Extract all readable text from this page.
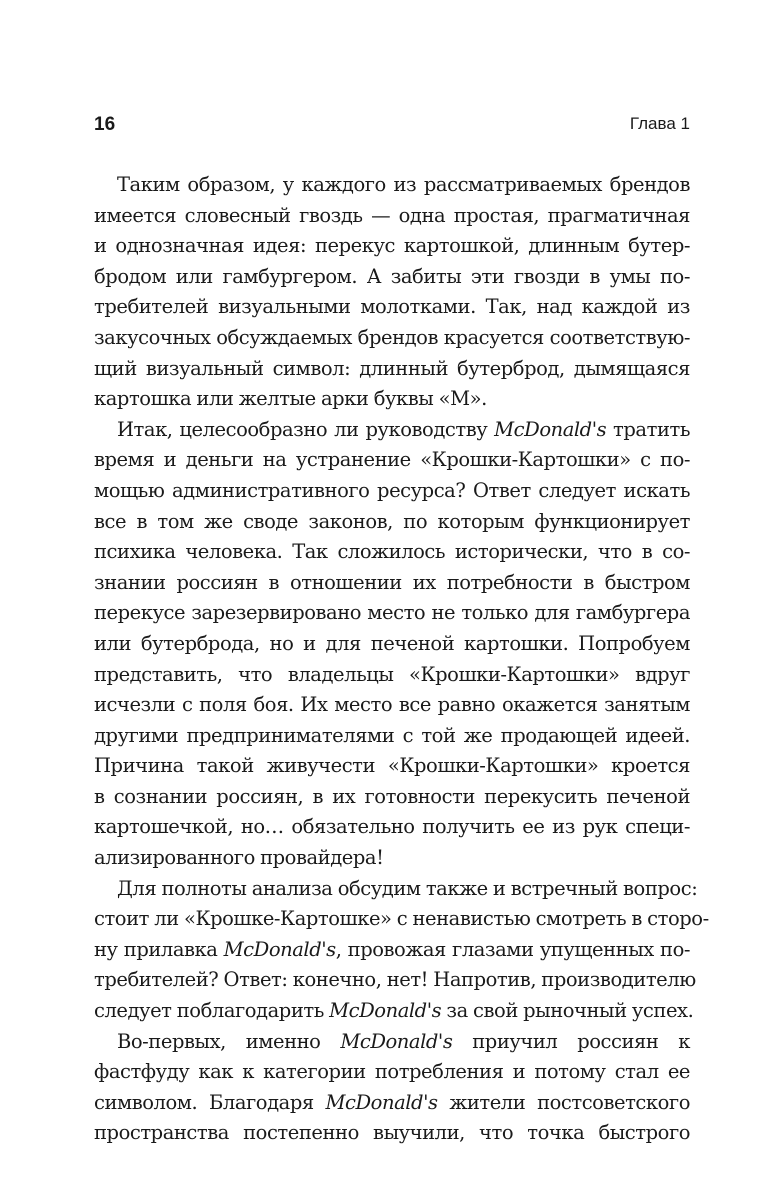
16	Глава 1
Таким образом, у каждого из рассматриваемых брендов
имеется словесный гвоздь — одна простая, прагматичная
и однозначная идея: перекус картошкой, длинным бутер-
бродом или гамбургером. А забиты эти гвозди в умы по-
требителей визуальными молотками. Так, над каждой из
закусочных обсуждаемых брендов красуется соответствую-
щий визуальный символ: длинный бутерброд, дымящаяся
картошка или желтые арки буквы «М».
Итак, целесообразно ли руководству McDonald's тратить
время и деньги на устранение «Крошки-Картошки» с по-
мощью административного ресурса? Ответ следует искать
все в том же своде законов, по которым функционирует
психика человека. Так сложилось исторически, что в со-
знании россиян в отношении их потребности в быстром
перекусе зарезервировано место не только для гамбургера
или бутерброда, но и для печеной картошки. Попробуем
представить, что владельцы «Крошки-Картошки» вдруг
исчезли с поля боя. Их место все равно окажется занятым
другими предпринимателями с той же продающей идеей.
Причина такой живучести «Крошки-Картошки» кроется
в сознании россиян, в их готовности перекусить печеной
картошечкой, но… обязательно получить ее из рук специ-
ализированного провайдера!
Для полноты анализа обсудим также и встречный вопрос:
стоит ли «Крошке-Картошке» с ненавистью смотреть в сторо-
ну прилавка McDonald's, провожая глазами упущенных по-
требителей? Ответ: конечно, нет! Напротив, производителю
следует поблагодарить McDonald's за свой рыночный успех.
Во-первых, именно McDonald's приучил россиян к
фастфуду как к категории потребления и потому стал ее
символом. Благодаря McDonald's жители постсоветского
пространства постепенно выучили, что точка быстрого
